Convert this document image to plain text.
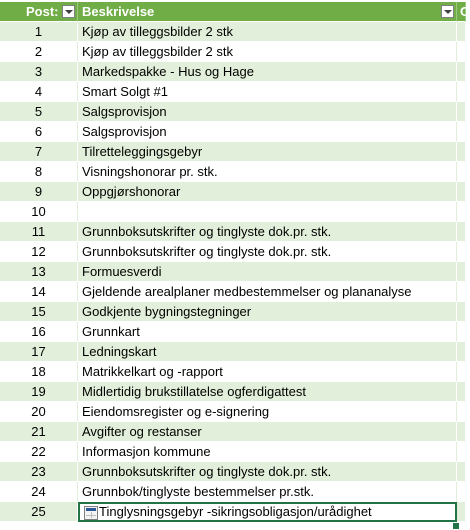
Post:	Beskrivelse	O
1	Kjøp av tilleggsbilder 2 stk
2	Kjøp av tilleggsbilder 2 stk
3	Markedspakke - Hus og Hage
4	Smart Solgt #1
5	Salgsprovisjon
6	Salgsprovisjon
7	Tilretteleggingsgebyr
8	Visningshonorar pr. stk.
9	Oppgjørshonorar
10
11	Grunnboksutskrifter og tinglyste dok.pr. stk.
12	Grunnboksutskrifter og tinglyste dok.pr. stk.
13	Formuesverdi
14	Gjeldende arealplaner medbestemmelser og plananalyse
15	Godkjente bygningstegninger
16	Grunnkart
17	Ledningskart
18	Matrikkelkart og -rapport
19	Midlertidig brukstillatelse ogferdigattest
20	Eiendomsregister og e-signering
21	Avgifter og restanser
22	Informasjon kommune
23	Grunnboksutskrifter og tinglyste dok.pr. stk.
24	Grunnbok/tinglyste bestemmelser pr.stk.
25	Tinglysningsgebyr -sikringsobligasjon/urådighet
